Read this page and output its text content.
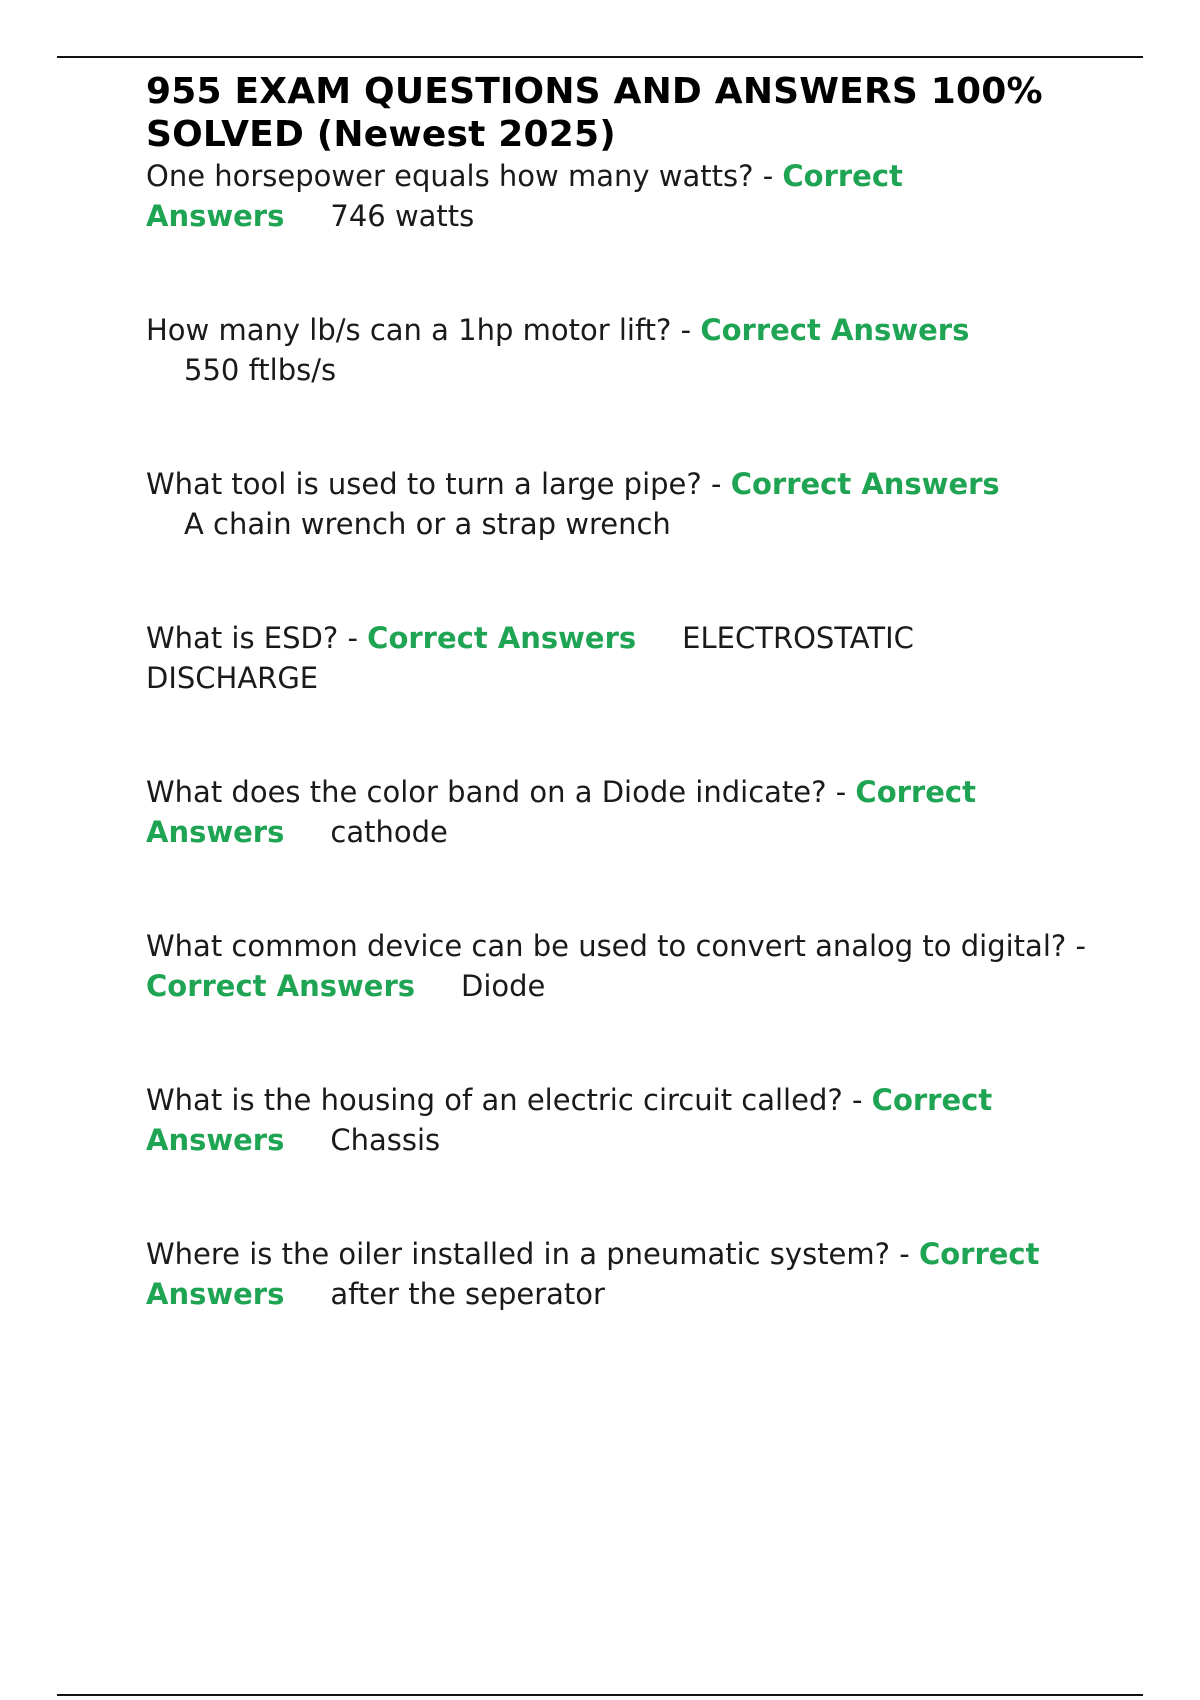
955 EXAM QUESTIONS AND ANSWERS 100% SOLVED (Newest 2025)

One horsepower equals how many watts? - Correct Answers 746 watts

How many lb/s can a 1hp motor lift? - Correct Answers
550 ftlbs/s

What tool is used to turn a large pipe? - Correct Answers
A chain wrench or a strap wrench

What is ESD? - Correct Answers ELECTROSTATIC DISCHARGE

What does the color band on a Diode indicate? - Correct Answers cathode

What common device can be used to convert analog to digital? - Correct Answers Diode

What is the housing of an electric circuit called? - Correct Answers Chassis

Where is the oiler installed in a pneumatic system? - Correct Answers after the seperator
